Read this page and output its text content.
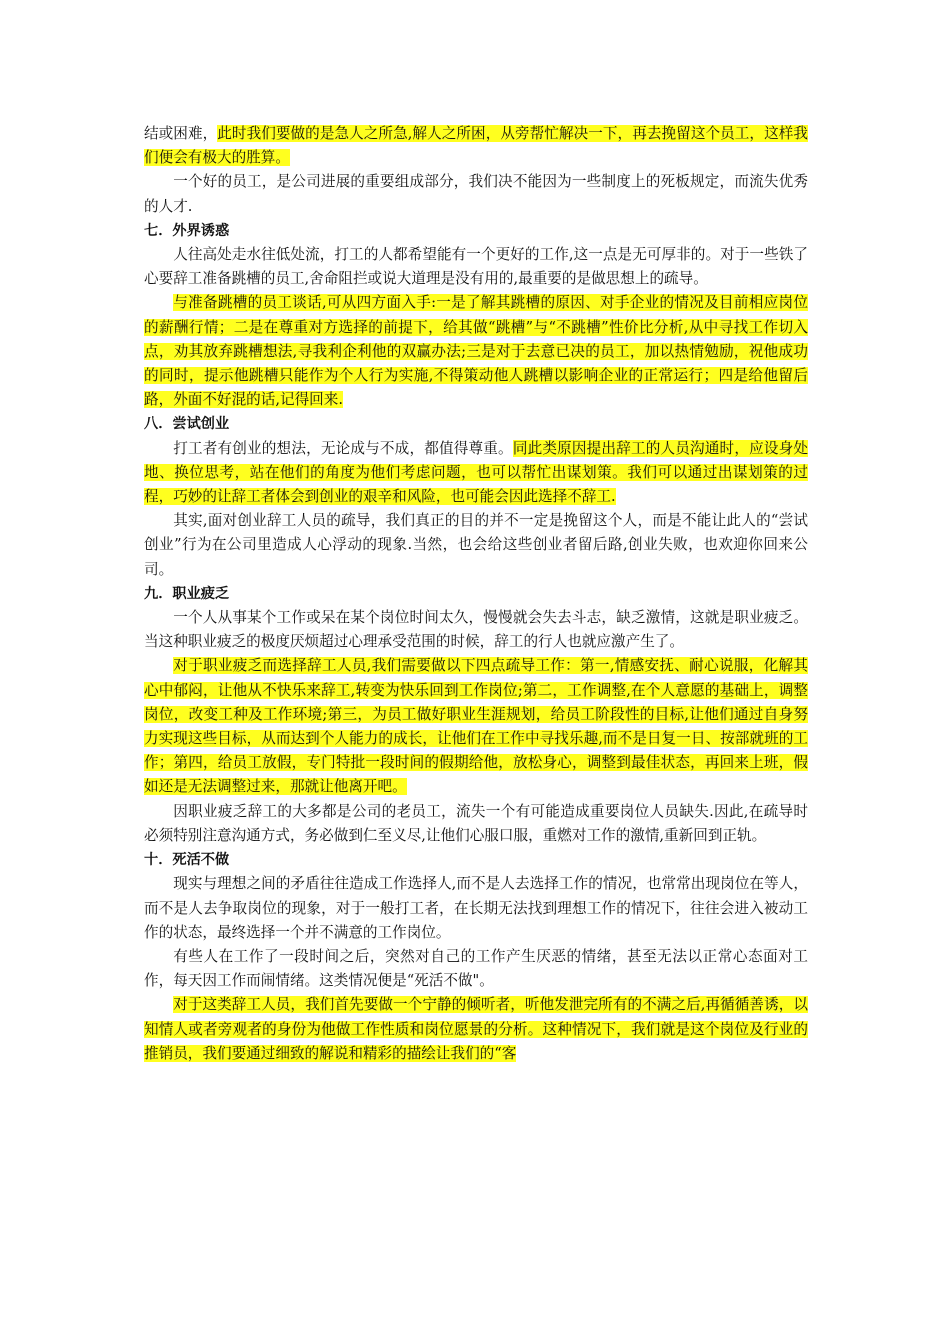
结或困难，此时我们要做的是急人之所急,解人之所困，从旁帮忙解决一下，再去挽留这个员工，这样我们便会有极大的胜算。

一个好的员工，是公司进展的重要组成部分，我们决不能因为一些制度上的死板规定，而流失优秀的人才.

七．外界诱惑

人往高处走水往低处流，打工的人都希望能有一个更好的工作,这一点是无可厚非的。对于一些铁了心要辞工准备跳槽的员工,舍命阻拦或说大道理是没有用的,最重要的是做思想上的疏导。

与准备跳槽的员工谈话,可从四方面入手:一是了解其跳槽的原因、对手企业的情况及目前相应岗位的薪酬行情；二是在尊重对方选择的前提下，给其做“跳槽”与“不跳槽”性价比分析,从中寻找工作切入点，劝其放弃跳槽想法,寻我利企利他的双赢办法;三是对于去意已决的员工，加以热情勉励，祝他成功的同时，提示他跳槽只能作为个人行为实施,不得策动他人跳槽以影响企业的正常运行；四是给他留后路，外面不好混的话,记得回来.

八．尝试创业

打工者有创业的想法，无论成与不成，都值得尊重。同此类原因提出辞工的人员沟通时，应设身处地、换位思考，站在他们的角度为他们考虑问题，也可以帮忙出谋划策。我们可以通过出谋划策的过程，巧妙的让辞工者体会到创业的艰辛和风险，也可能会因此选择不辞工.

其实,面对创业辞工人员的疏导，我们真正的目的并不一定是挽留这个人，而是不能让此人的“尝试创业”行为在公司里造成人心浮动的现象.当然，也会给这些创业者留后路,创业失败，也欢迎你回来公司。

九．职业疲乏

一个人从事某个工作或呆在某个岗位时间太久，慢慢就会失去斗志，缺乏激情，这就是职业疲乏。当这种职业疲乏的极度厌烦超过心理承受范围的时候，辞工的行人也就应激产生了。

对于职业疲乏而选择辞工人员,我们需要做以下四点疏导工作：第一,情感安抚、耐心说服，化解其心中郁闷，让他从不快乐来辞工,转变为快乐回到工作岗位;第二，工作调整,在个人意愿的基础上，调整岗位，改变工种及工作环境;第三，为员工做好职业生涯规划，给员工阶段性的目标,让他们通过自身努力实现这些目标，从而达到个人能力的成长，让他们在工作中寻找乐趣,而不是日复一日、按部就班的工作；第四，给员工放假，专门特批一段时间的假期给他，放松身心，调整到最佳状态，再回来上班，假如还是无法调整过来，那就让他离开吧。

因职业疲乏辞工的大多都是公司的老员工，流失一个有可能造成重要岗位人员缺失.因此,在疏导时必须特别注意沟通方式，务必做到仁至义尽,让他们心服口服，重燃对工作的激情,重新回到正轨。

十．死活不做

现实与理想之间的矛盾往往造成工作选择人,而不是人去选择工作的情况，也常常出现岗位在等人，而不是人去争取岗位的现象，对于一般打工者，在长期无法找到理想工作的情况下，往往会进入被动工作的状态，最终选择一个并不满意的工作岗位。

有些人在工作了一段时间之后，突然对自己的工作产生厌恶的情绪，甚至无法以正常心态面对工作，每天因工作而闹情绪。这类情况便是“死活不做"。

对于这类辞工人员，我们首先要做一个宁静的倾听者，听他发泄完所有的不满之后,再循循善诱，以知情人或者旁观者的身份为他做工作性质和岗位愿景的分析。这种情况下，我们就是这个岗位及行业的推销员，我们要通过细致的解说和精彩的描绘让我们的“客
